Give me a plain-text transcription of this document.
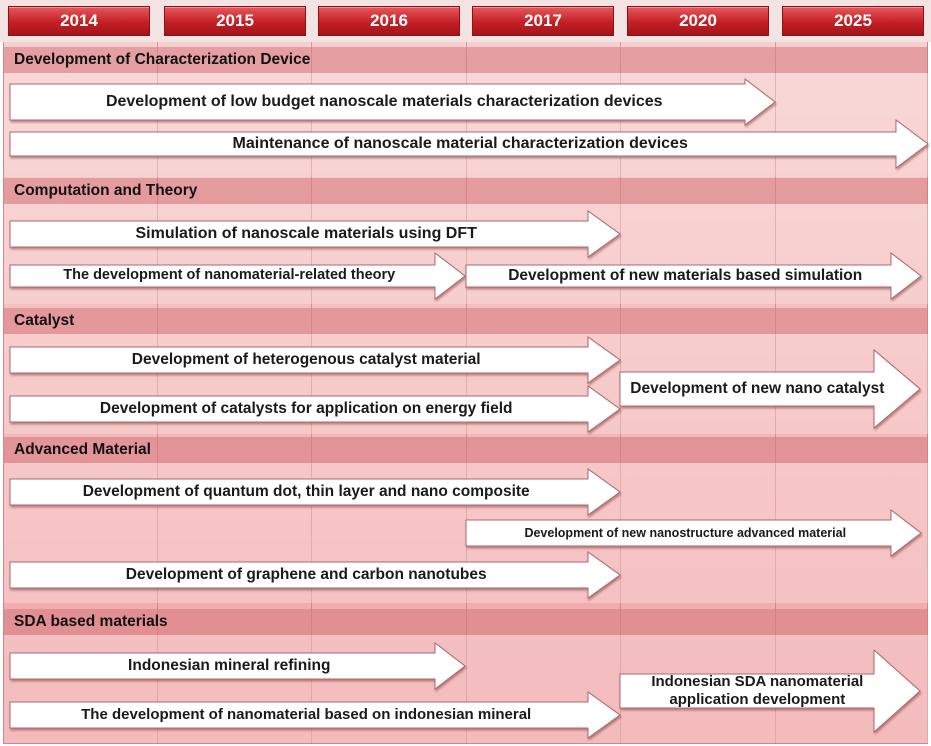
2014	2015	2016	2017	2020	2025
Development of Characterization Device
Development of low budget nanoscale materials characterization devices
Maintenance of nanoscale material characterization devices
Computation and Theory
Simulation of nanoscale materials using DFT
The development of nanomaterial-related theory	Development of new materials based simulation
Catalyst
Development of heterogenous catalyst material
Development of catalysts for application on energy field
Development of new nano catalyst
Advanced Material
Development of quantum dot, thin layer and nano composite
Development of new nanostructure advanced material
Development of graphene and carbon nanotubes
SDA based materials
Indonesian mineral refining
The development of nanomaterial based on indonesian mineral
Indonesian SDA nanomaterial application development
